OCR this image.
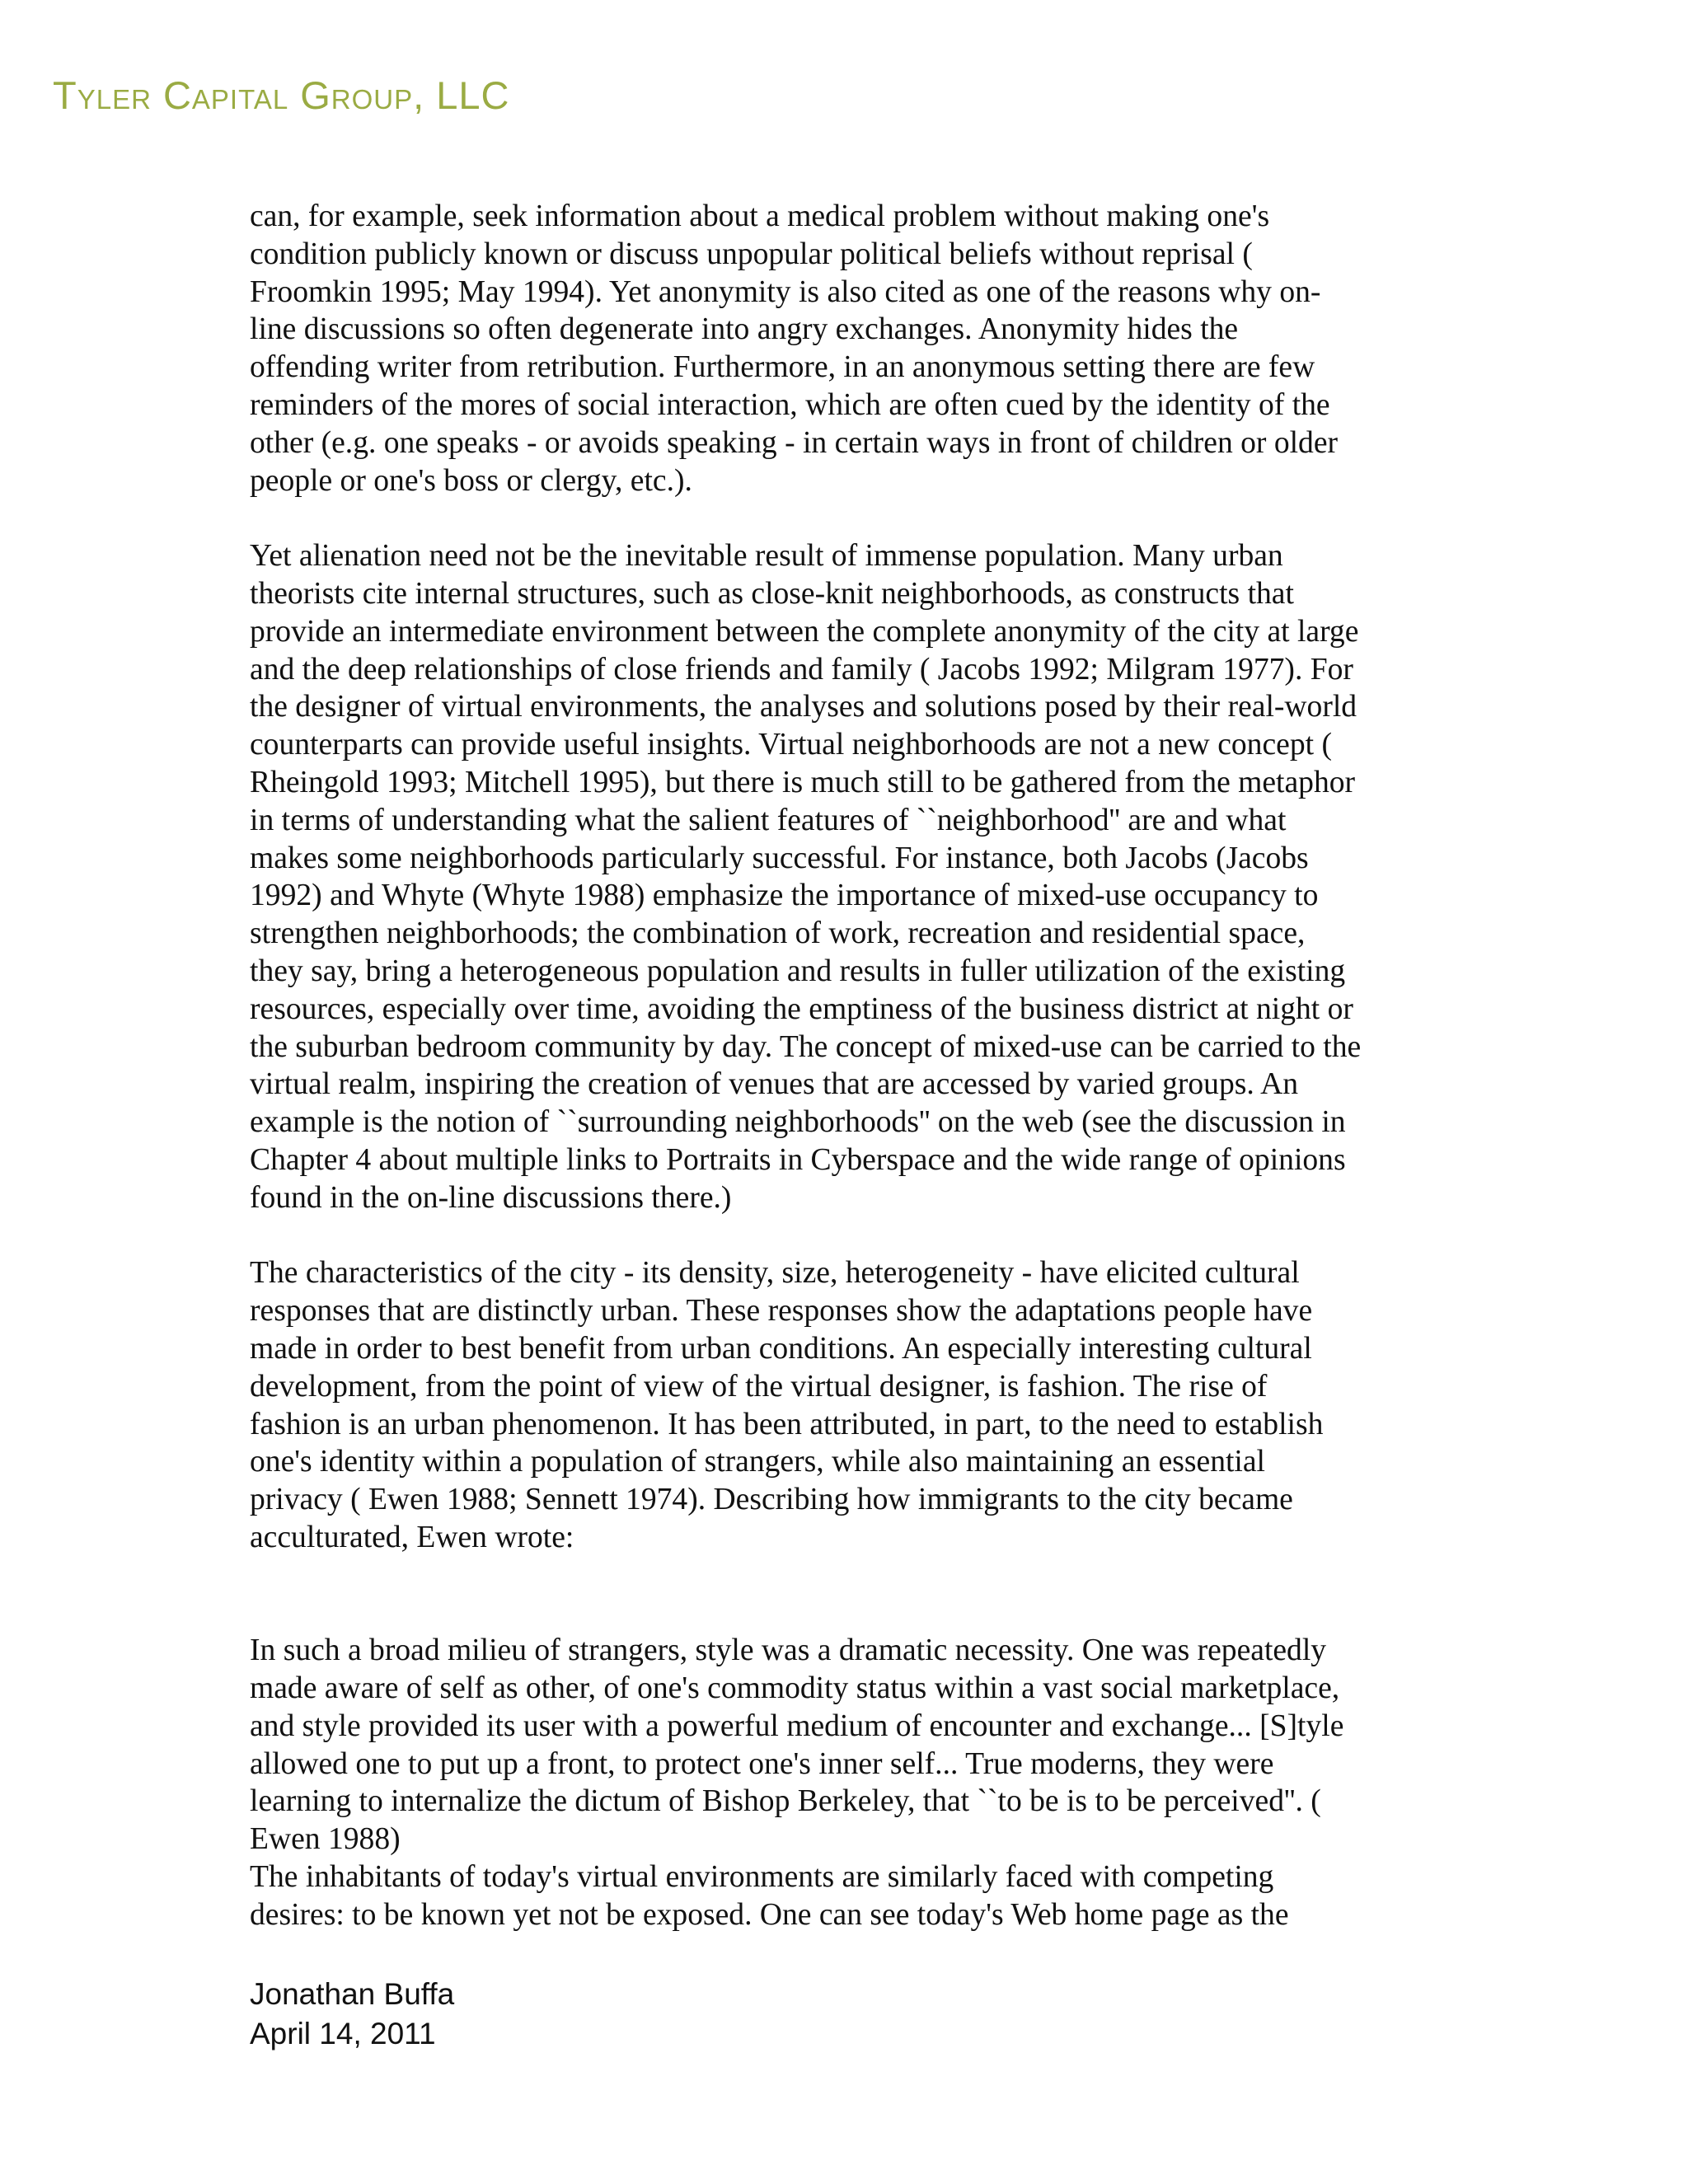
Tyler Capital Group, LLC
can, for example, seek information about a medical problem without making one's
condition publicly known or discuss unpopular political beliefs without reprisal (
Froomkin 1995; May 1994). Yet anonymity is also cited as one of the reasons why on-
line discussions so often degenerate into angry exchanges. Anonymity hides the
offending writer from retribution. Furthermore, in an anonymous setting there are few
reminders of the mores of social interaction, which are often cued by the identity of the
other (e.g. one speaks - or avoids speaking - in certain ways in front of children or older
people or one's boss or clergy, etc.).
Yet alienation need not be the inevitable result of immense population. Many urban
theorists cite internal structures, such as close-knit neighborhoods, as constructs that
provide an intermediate environment between the complete anonymity of the city at large
and the deep relationships of close friends and family ( Jacobs 1992; Milgram 1977). For
the designer of virtual environments, the analyses and solutions posed by their real-world
counterparts can provide useful insights. Virtual neighborhoods are not a new concept (
Rheingold 1993; Mitchell 1995), but there is much still to be gathered from the metaphor
in terms of understanding what the salient features of ``neighborhood'' are and what
makes some neighborhoods particularly successful. For instance, both Jacobs (Jacobs
1992) and Whyte (Whyte 1988) emphasize the importance of mixed-use occupancy to
strengthen neighborhoods; the combination of work, recreation and residential space,
they say, bring a heterogeneous population and results in fuller utilization of the existing
resources, especially over time, avoiding the emptiness of the business district at night or
the suburban bedroom community by day. The concept of mixed-use can be carried to the
virtual realm, inspiring the creation of venues that are accessed by varied groups. An
example is the notion of ``surrounding neighborhoods'' on the web (see the discussion in
Chapter 4 about multiple links to Portraits in Cyberspace and the wide range of opinions
found in the on-line discussions there.)
The characteristics of the city - its density, size, heterogeneity - have elicited cultural
responses that are distinctly urban. These responses show the adaptations people have
made in order to best benefit from urban conditions. An especially interesting cultural
development, from the point of view of the virtual designer, is fashion. The rise of
fashion is an urban phenomenon. It has been attributed, in part, to the need to establish
one's identity within a population of strangers, while also maintaining an essential
privacy ( Ewen 1988; Sennett 1974). Describing how immigrants to the city became
acculturated, Ewen wrote:
In such a broad milieu of strangers, style was a dramatic necessity. One was repeatedly
made aware of self as other, of one's commodity status within a vast social marketplace,
and style provided its user with a powerful medium of encounter and exchange... [S]tyle
allowed one to put up a front, to protect one's inner self... True moderns, they were
learning to internalize the dictum of Bishop Berkeley, that ``to be is to be perceived''. (
Ewen 1988)
The inhabitants of today's virtual environments are similarly faced with competing
desires: to be known yet not be exposed. One can see today's Web home page as the
Jonathan Buffa
April 14, 2011
